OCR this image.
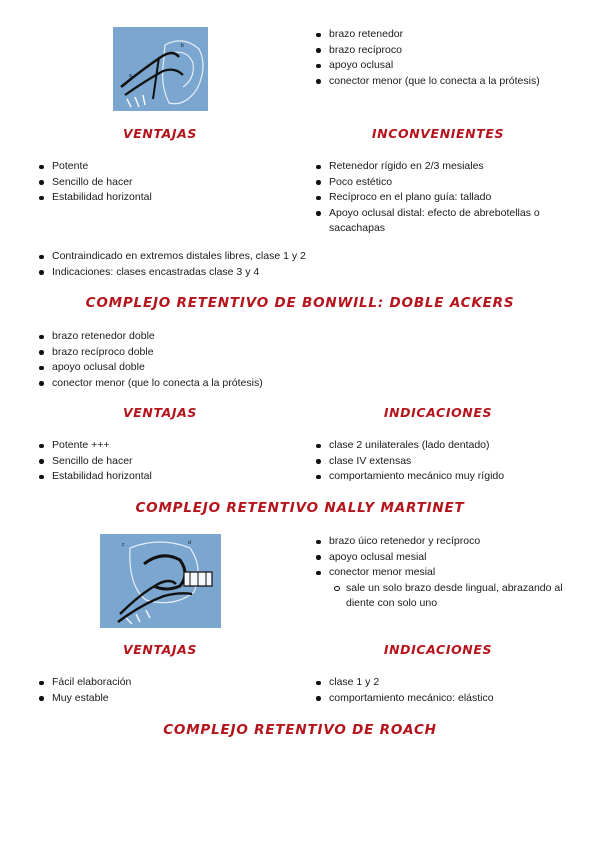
a
b
brazo retenedor
brazo recíproco
apoyo oclusal
conector menor (que lo conecta a la prótesis)
VENTAJAS	INCONVENIENTES
Potente
Sencillo de hacer
Estabilidad horizontal
Retenedor rígido en 2/3 mesiales
Poco estético
Recíproco en el plano guía: tallado
Apoyo oclusal distal: efecto de abrebotellas o sacachapas
Contraindicado en extremos distales libres, clase 1 y 2
Indicaciones: clases encastradas clase 3 y 4
COMPLEJO RETENTIVO DE BONWILL: DOBLE ACKERS
brazo retenedor doble
brazo recíproco doble
apoyo oclusal doble
conector menor (que lo conecta a la prótesis)
VENTAJAS	INDICACIONES
Potente +++
Sencillo de hacer
Estabilidad horizontal
clase 2 unilaterales (lado dentado)
clase IV extensas
comportamiento mecánico muy rígido
COMPLEJO RETENTIVO NALLY MARTINET
c	d	brazo úico retenedor y recíproco
apoyo oclusal mesial
conector menor mesial
sale un solo brazo desde lingual, abrazando al diente con solo uno
VENTAJAS	INDICACIONES
Fácil elaboración
Muy estable
clase 1 y 2
comportamiento mecánico: elástico
COMPLEJO RETENTIVO DE ROACH
